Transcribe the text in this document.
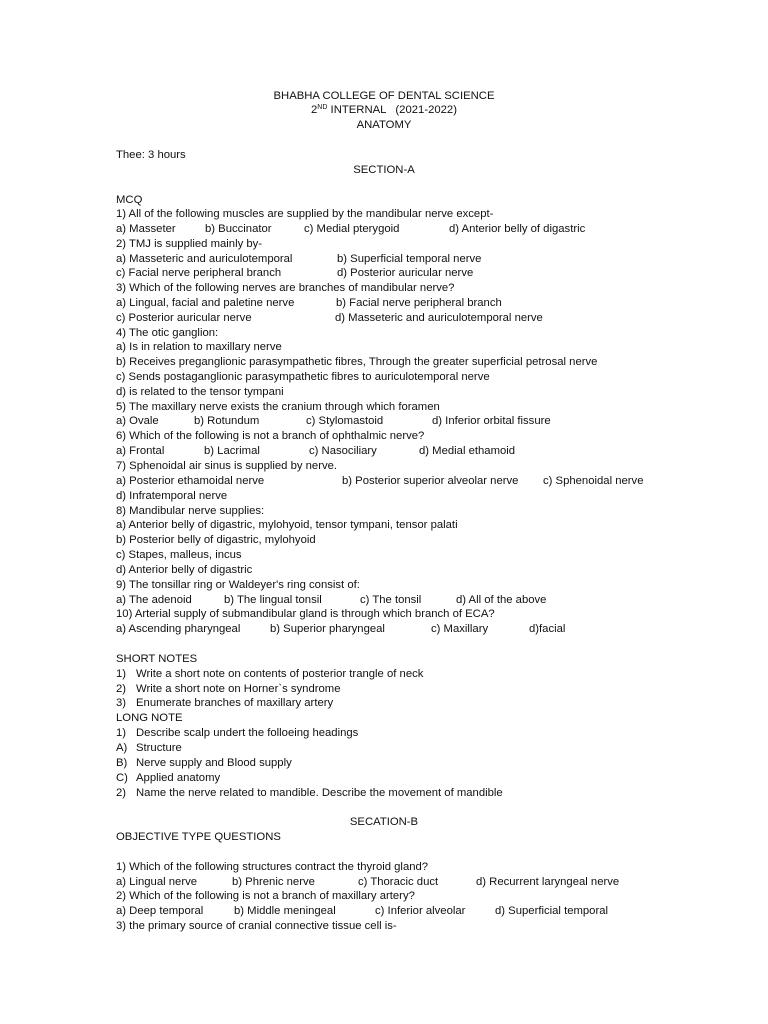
BHABHA COLLEGE OF DENTAL SCIENCE
2ND INTERNAL   (2021-2022)
ANATOMY
Thee: 3 hours
SECTION-A
MCQ
1) All of the following muscles are supplied by the mandibular nerve except-
a) Masseter	b) Buccinator	c) Medial pterygoid	d) Anterior belly of digastric
2) TMJ is supplied mainly by-
a) Masseteric and auriculotemporal	b) Superficial temporal nerve
c) Facial nerve peripheral branch	d) Posterior auricular nerve
3) Which of the following nerves are branches of mandibular nerve?
a) Lingual, facial and paletine nerve	b) Facial nerve peripheral branch
c) Posterior auricular nerve	d) Masseteric and auriculotemporal nerve
4) The otic ganglion:
a) Is in relation to maxillary nerve
b) Receives preganglionic parasympathetic fibres, Through the greater superficial petrosal nerve
c) Sends postaganglionic parasympathetic fibres to auriculotemporal nerve
d) is related to the tensor tympani
5) The maxillary nerve exists the cranium through which foramen
a) Ovale	b) Rotundum	c) Stylomastoid	d) Inferior orbital fissure
6) Which of the following is not a branch of ophthalmic nerve?
a) Frontal	b) Lacrimal	c) Nasociliary	d) Medial ethamoid
7) Sphenoidal air sinus is supplied by nerve.
a) Posterior ethamoidal nerve	b) Posterior superior alveolar nerve c) Sphenoidal nerve
d) Infratemporal nerve
8) Mandibular nerve supplies:
a) Anterior belly of digastric, mylohyoid, tensor tympani, tensor palati
b) Posterior belly of digastric, mylohyoid
c) Stapes, malleus, incus
d) Anterior belly of digastric
9) The tonsillar ring or Waldeyer's ring consist of:
a) The adenoid	b) The lingual tonsil	c) The tonsil	d) All of the above
10) Arterial supply of submandibular gland is through which branch of ECA?
a) Ascending pharyngeal	b) Superior pharyngeal	c) Maxillary	d)facial
SHORT NOTES
1) Write a short note on contents of posterior trangle of neck
2) Write a short note on Horner`s syndrome
3) Enumerate branches of maxillary artery
LONG NOTE
1) Describe scalp undert the folloeing headings
A) Structure
B) Nerve supply and Blood supply
C) Applied anatomy
2) Name the nerve related to mandible. Describe the movement of mandible
SECATION-B
OBJECTIVE TYPE QUESTIONS
1) Which of the following structures contract the thyroid gland?
a) Lingual nerve	b) Phrenic nerve	c) Thoracic duct	d) Recurrent laryngeal nerve
2) Which of the following is not a branch of maxillary artery?
a) Deep temporal	b) Middle meningeal	c) Inferior alveolar	d) Superficial temporal
3) the primary source of cranial connective tissue cell is-
